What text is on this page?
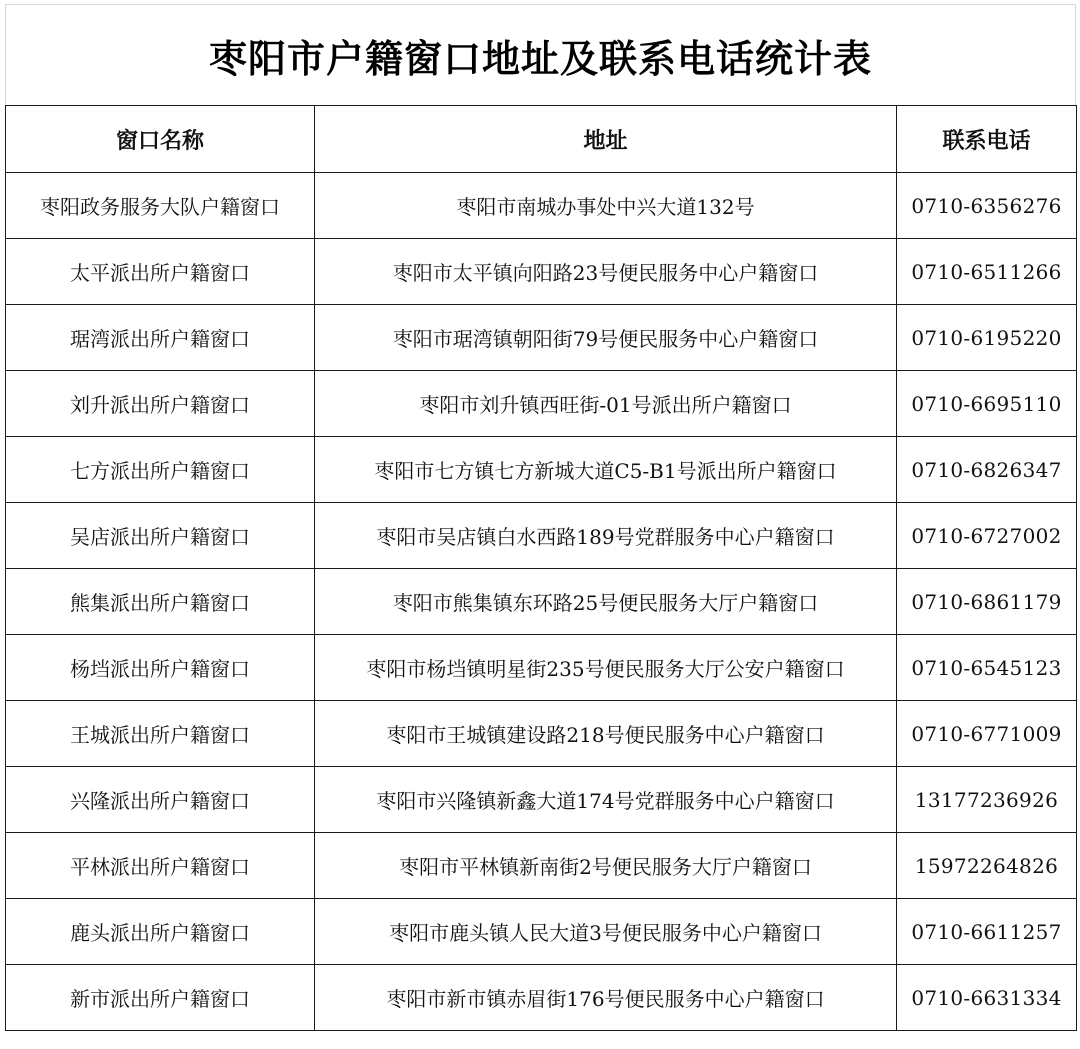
枣阳市户籍窗口地址及联系电话统计表
窗口名称	地址	联系电话
枣阳政务服务大队户籍窗口	枣阳市南城办事处中兴大道132号	0710-6356276
太平派出所户籍窗口	枣阳市太平镇向阳路23号便民服务中心户籍窗口	0710-6511266
琚湾派出所户籍窗口	枣阳市琚湾镇朝阳街79号便民服务中心户籍窗口	0710-6195220
刘升派出所户籍窗口	枣阳市刘升镇西旺街-01号派出所户籍窗口	0710-6695110
七方派出所户籍窗口	枣阳市七方镇七方新城大道C5-B1号派出所户籍窗口	0710-6826347
吴店派出所户籍窗口	枣阳市吴店镇白水西路189号党群服务中心户籍窗口	0710-6727002
熊集派出所户籍窗口	枣阳市熊集镇东环路25号便民服务大厅户籍窗口	0710-6861179
杨垱派出所户籍窗口	枣阳市杨垱镇明星街235号便民服务大厅公安户籍窗口	0710-6545123
王城派出所户籍窗口	枣阳市王城镇建设路218号便民服务中心户籍窗口	0710-6771009
兴隆派出所户籍窗口	枣阳市兴隆镇新鑫大道174号党群服务中心户籍窗口	13177236926
平林派出所户籍窗口	枣阳市平林镇新南街2号便民服务大厅户籍窗口	15972264826
鹿头派出所户籍窗口	枣阳市鹿头镇人民大道3号便民服务中心户籍窗口	0710-6611257
新市派出所户籍窗口	枣阳市新市镇赤眉街176号便民服务中心户籍窗口	0710-6631334
